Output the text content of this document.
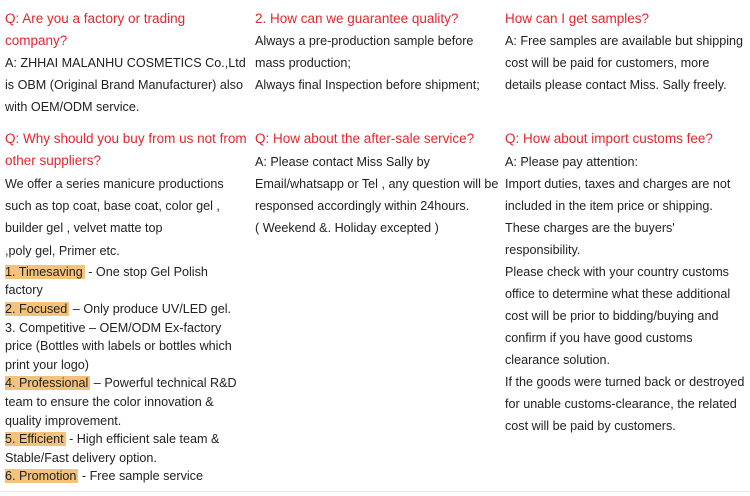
Q: Are you a factory or trading company?

A: ZHHAI MALANHU COSMETICS Co.,Ltd is OBM (Original Brand Manufacturer) also with OEM/ODM service.

2. How can we guarantee quality?

Always a pre-production sample before mass production;
Always final Inspection before shipment;

How can I get samples?

A: Free samples are available but shipping cost will be paid for customers, more details please contact Miss. Sally freely.

Q: Why should you buy from us not from other suppliers?

We offer a series manicure productions
such as top coat, base coat, color gel ,
builder gel , velvet matte top
,poly gel, Primer etc.

1. Timesaving - One stop Gel Polish factory

2. Focused – Only produce UV/LED gel.

3. Competitive – OEM/ODM Ex-factory price (Bottles with labels or bottles which print your logo)

4. Professional – Powerful technical R&D team to ensure the color innovation & quality improvement.

5. Efficient - High efficient sale team & Stable/Fast delivery option.

6. Promotion - Free sample service

Q: How about the after-sale service?

A: Please contact Miss Sally by Email/whatsapp or Tel , any question will be responsed accordingly within 24hours.
( Weekend &. Holiday excepted )

Q: How about import customs fee?

A: Please pay attention:
Import duties, taxes and charges are not included in the item price or shipping. These charges are the buyers' responsibility.
Please check with your country customs office to determine what these additional cost will be prior to bidding/buying and confirm if you have good customs clearance solution.
If the goods were turned back or destroyed for unable customs-clearance, the related cost will be paid by customers.
